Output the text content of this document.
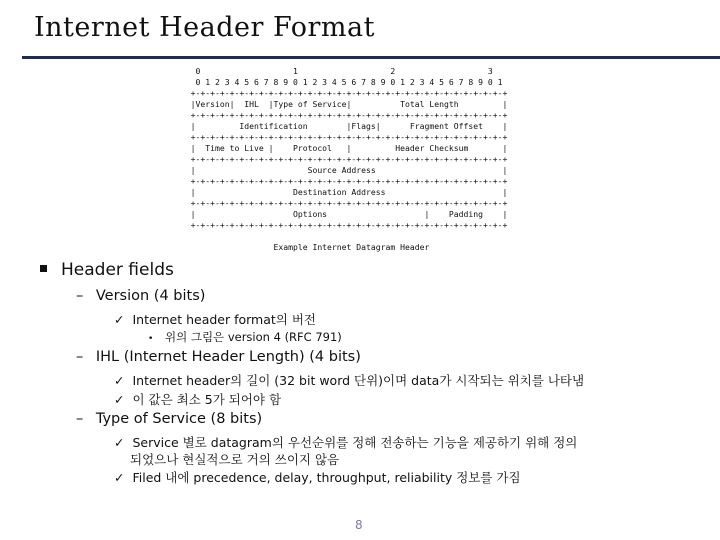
Internet Header Format
0                   1                   2                   3
0 1 2 3 4 5 6 7 8 9 0 1 2 3 4 5 6 7 8 9 0 1 2 3 4 5 6 7 8 9 0 1
+-+-+-+-+-+-+-+-+-+-+-+-+-+-+-+-+-+-+-+-+-+-+-+-+-+-+-+-+-+-+-+-+
|Version|  IHL  |Type of Service|          Total Length         |
+-+-+-+-+-+-+-+-+-+-+-+-+-+-+-+-+-+-+-+-+-+-+-+-+-+-+-+-+-+-+-+-+
|         Identification        |Flags|      Fragment Offset    |
+-+-+-+-+-+-+-+-+-+-+-+-+-+-+-+-+-+-+-+-+-+-+-+-+-+-+-+-+-+-+-+-+
|  Time to Live |    Protocol   |         Header Checksum       |
+-+-+-+-+-+-+-+-+-+-+-+-+-+-+-+-+-+-+-+-+-+-+-+-+-+-+-+-+-+-+-+-+
|                       Source Address                          |
+-+-+-+-+-+-+-+-+-+-+-+-+-+-+-+-+-+-+-+-+-+-+-+-+-+-+-+-+-+-+-+-+
|                    Destination Address                        |
+-+-+-+-+-+-+-+-+-+-+-+-+-+-+-+-+-+-+-+-+-+-+-+-+-+-+-+-+-+-+-+-+
|                    Options                    |    Padding    |
+-+-+-+-+-+-+-+-+-+-+-+-+-+-+-+-+-+-+-+-+-+-+-+-+-+-+-+-+-+-+-+-+

Example Internet Datagram Header
Header fields
– Version (4 bits)
✓ Internet header format의 버전
• 위의 그림은 version 4 (RFC 791)
– IHL (Internet Header Length) (4 bits)
✓ Internet header의 길이 (32 bit word 단위)이며 data가 시작되는 위치를 나타냄
✓ 이 값은 최소 5가 되어야 함
– Type of Service (8 bits)
✓ Service 별로 datagram의 우선순위를 정해 전송하는 기능을 제공하기 위해 정의
되었으나 현실적으로 거의 쓰이지 않음
✓ Filed 내에 precedence, delay, throughput, reliability 정보를 가짐
8
